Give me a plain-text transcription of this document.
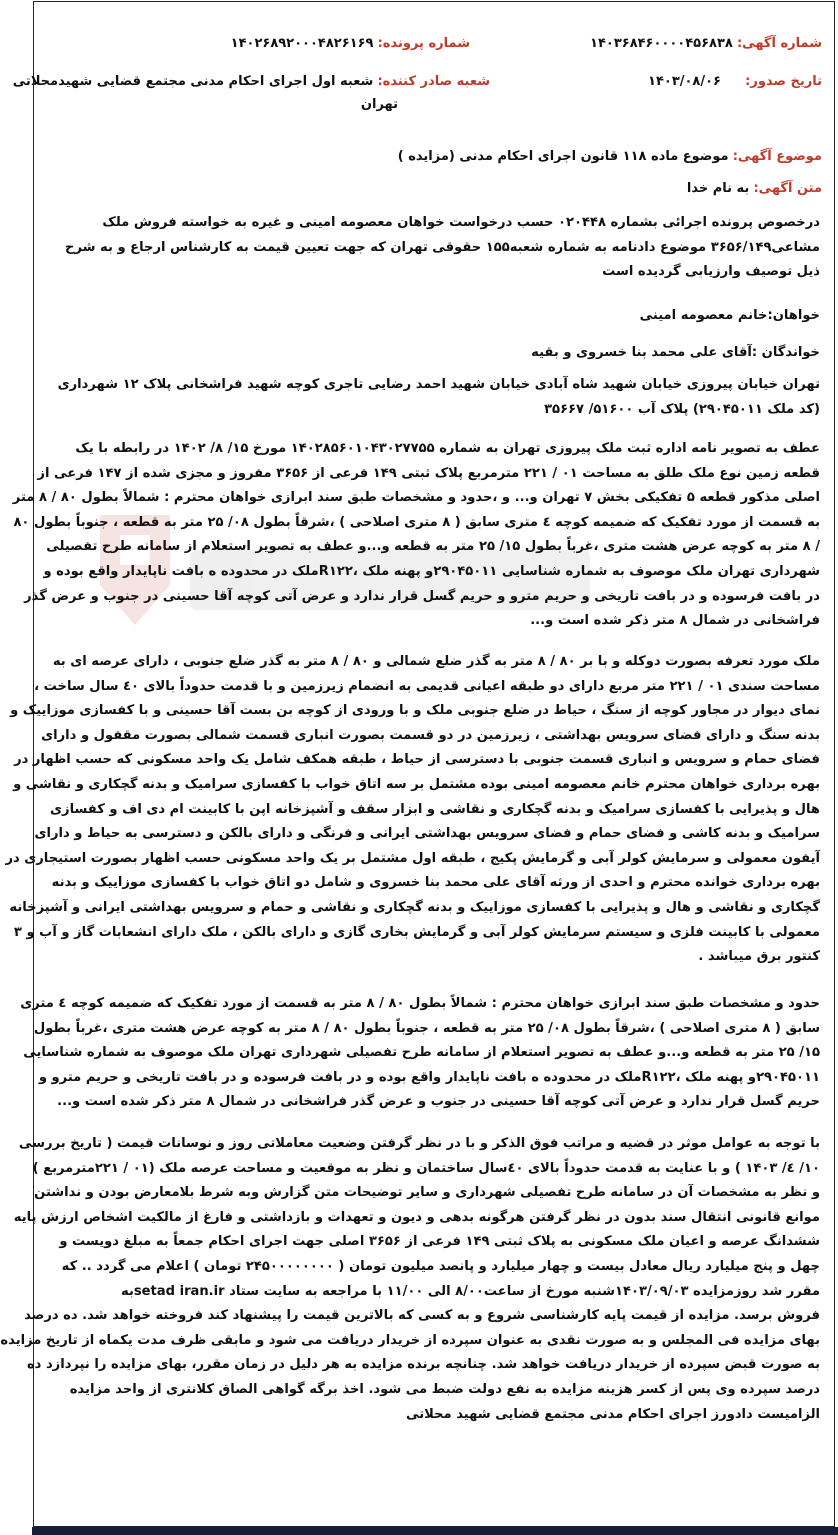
شماره آگهی: ۱۴۰۳۶۸۴۶۰۰۰۰۴۵۶۸۳۸
شماره پرونده: ۱۴۰۲۶۸۹۲۰۰۰۴۸۲۶۱۶۹
تاریخ صدور: ۱۴۰۳/۰۸/۰۶
شعبه صادر کننده: شعبه اول اجرای احکام مدنی مجتمع قضایی شهیدمحلاتی
تهران
موضوع آگهی: موضوع ماده ۱۱۸ قانون اجرای احکام مدنی (مزایده )
متن آگهی: به نام خدا
درخصوص پرونده اجرائی بشماره ۰۲۰۴۴۸ حسب درخواست خواهان معصومه امینی و غیره به خواسته فروش ملک
مشاعی۳۶۵۶/۱۴۹ موضوع دادنامه به شماره شعبه۱۵۵ حقوقی تهران که جهت تعیین قیمت به کارشناس ارجاع و به شرح
ذیل توصیف وارزیابی گردیده است
خواهان:خانم معصومه امینی
خواندگان :آقای علی محمد بنا خسروی و بقیه
تهران خیابان پیروزی خیابان شهید شاه آبادی خیابان شهید احمد رضایی تاجری کوچه شهید فراشخانی پلاک ۱۲ شهرداری
(کد ملک ۲۹۰۴۵۰۱۱) پلاک آب ۵۱۶۰۰/ ۳۵۶۶۷
عطف به تصویر نامه اداره ثبت ملک پیروزی تهران به شماره ۱۴۰۲۸۵۶۰۱۰۴۳۰۲۷۷۵۵ مورخ ۱۵/ ۸/ ۱۴۰۲ در رابطه با یک
قطعه زمین نوع ملک طلق به مساحت ۰۱ / ۲۲۱ مترمربع پلاک ثبتی ۱۴۹ فرعی از ۳۶۵۶ مفروز و مجزی شده از ۱۴۷ فرعی از
اصلی مذکور قطعه ۵ تفکیکی بخش ۷ تهران و... و ،حدود و مشخصات طبق سند ابرازی خواهان محترم : شمالاً بطول ۸۰ / ۸ متر
به قسمت از مورد تفکیک که ضمیمه کوچه ٤ متری سابق ( ۸ متری اصلاحی ) ،شرقاً بطول ۰۸/ ۲۵ متر به قطعه ، جنوباً بطول ۸۰
/ ۸ متر به کوچه عرض هشت متری ،غرباً بطول ۱۵/ ۲۵ متر به قطعه و...و عطف به تصویر استعلام از سامانه طرح تفصیلی
شهرداری تهران ملک موصوف به شماره شناسایی ۲۹۰۴۵۰۱۱و پهنه ملک ،R۱۲۲ملک در محدوده ه بافت ناپایدار واقع بوده و
در بافت فرسوده و در بافت تاریخی و حریم مترو و حریم گسل قرار ندارد و عرض آتی کوچه آقا حسینی در جنوب و عرض گذر
فراشخانی در شمال ۸ متر ذکر شده است و...
ملک مورد تعرفه بصورت دوکله و با بر ۸۰ / ۸ متر به گذر ضلع شمالی و ۸۰ / ۸ متر به گذر ضلع جنوبی ، دارای عرصه ای به
مساحت سندی ۰۱ / ۲۲۱ متر مربع دارای دو طبقه اعیانی قدیمی به انضمام زیرزمین و با قدمت حدوداً بالای ٤٠ سال ساخت ،
نمای دیوار در مجاور کوچه از سنگ ، حیاط در ضلع جنوبی ملک و با ورودی از کوچه بن بست آقا حسینی و با کفسازی موزاییک و
بدنه سنگ و دارای فضای سرویس بهداشتی ، زیرزمین در دو قسمت بصورت انباری قسمت شمالی بصورت مقفول و دارای
فضای حمام و سرویس و انباری قسمت جنوبی با دسترسی از حیاط ، طبقه همکف شامل یک واحد مسکونی که حسب اظهار در
بهره برداری خواهان محترم خانم معصومه امینی بوده مشتمل بر سه اتاق خواب با کفسازی سرامیک و بدنه گچکاری و نقاشی و
هال و پذیرایی با کفسازی سرامیک و بدنه گچکاری و نقاشی و ابزار سقف و آشپزخانه اپن با کابینت ام دی اف و کفسازی
سرامیک و بدنه کاشی و فضای حمام و فضای سرویس بهداشتی ایرانی و فرنگی و دارای بالکن و دسترسی به حیاط و دارای
آیفون معمولی و سرمایش کولر آبی و گرمایش پکیج ، طبقه اول مشتمل بر یک واحد مسکونی حسب اظهار بصورت استیجاری در
بهره برداری خوانده محترم و احدی از ورثه آقای علی محمد بنا خسروی و شامل دو اتاق خواب با کفسازی موزاییک و بدنه
گچکاری و نقاشی و هال و پذیرایی با کفسازی موزاییک و بدنه گچکاری و نقاشی و حمام و سرویس بهداشتی ایرانی و آشپزخانه
معمولی با کابینت فلزی و سیستم سرمایش کولر آبی و گرمایش بخاری گازی و دارای بالکن ، ملک دارای انشعابات گاز و آب و ۳
کنتور برق میباشد .
حدود و مشخصات طبق سند ابرازی خواهان محترم : شمالاً بطول ۸۰ / ۸ متر به قسمت از مورد تفکیک که ضمیمه کوچه ٤ متری
سابق ( ۸ متری اصلاحی ) ،شرقاً بطول ۰۸/ ۲۵ متر به قطعه ، جنوباً بطول ۸۰ / ۸ متر به کوچه عرض هشت متری ،غرباً بطول
۱۵/ ۲۵ متر به قطعه و...و عطف به تصویر استعلام از سامانه طرح تفصیلی شهرداری تهران ملک موصوف به شماره شناسایی
۲۹۰۴۵۰۱۱و پهنه ملک ،R۱۲۲ملک در محدوده ه بافت ناپایدار واقع بوده و در بافت فرسوده و در بافت تاریخی و حریم مترو و
حریم گسل قرار ندارد و عرض آتی کوچه آقا حسینی در جنوب و عرض گذر فراشخانی در شمال ۸ متر ذکر شده است و...
با توجه به عوامل موثر در قضیه و مراتب فوق الذکر و با در نظر گرفتن وضعیت معاملاتی روز و نوسانات قیمت ( تاریخ بررسی
۱۰/ ٤/ ۱۴۰۳ ) و با عنایت به قدمت حدوداً بالای ٤٠سال ساختمان و نظر به موقعیت و مساحت عرصه ملک (۰۱ / ۲۲۱مترمربع )
و نظر به مشخصات آن در سامانه طرح تفصیلی شهرداری و سایر توضیحات متن گزارش وبه شرط بلامعارض بودن و نداشتن
موانع قانونی انتقال سند بدون در نظر گرفتن هرگونه بدهی و دیون و تعهدات و بازداشتی و فارغ از مالکیت اشخاص ارزش پایه
ششدانگ عرصه و اعیان ملک مسکونی به پلاک ثبتی ۱۴۹ فرعی از ۳۶۵۶ اصلی جهت اجرای احکام جمعاً به مبلغ دویست و
چهل و پنج میلیارد ریال معادل بیست و چهار میلیارد و پانصد میلیون تومان ( ۲۴۵۰۰۰۰۰۰۰۰ تومان ) اعلام می گردد .. که
مقرر شد روزمزایده ۱۴۰۳/۰۹/۰۳شنبه مورخ از ساعت۸/۰۰ الی ۱۱/۰۰ با مراجعه به سایت ستاد setad iran.irبه
فروش برسد. مزایده از قیمت پایه کارشناسی شروع و به کسی که بالاترین قیمت را پیشنهاد کند فروخته خواهد شد. ده درصد
بهای مزایده فی المجلس و به صورت نقدی به عنوان سپرده از خریدار دریافت می شود و مابقی ظرف مدت یکماه از تاریخ مزایده
به صورت قبض سپرده از خریدار دریافت خواهد شد. چنانچه برنده مزایده به هر دلیل در زمان مقرر، بهای مزایده را نپردازد ده
درصد سپرده وی پس از کسر هزینه مزایده به نفع دولت ضبط می شود. اخذ برگه گواهی الصاق کلانتری از واحد مزایده
الزامیست دادورز اجرای احکام مدنی مجتمع قضایی شهید محلاتی
